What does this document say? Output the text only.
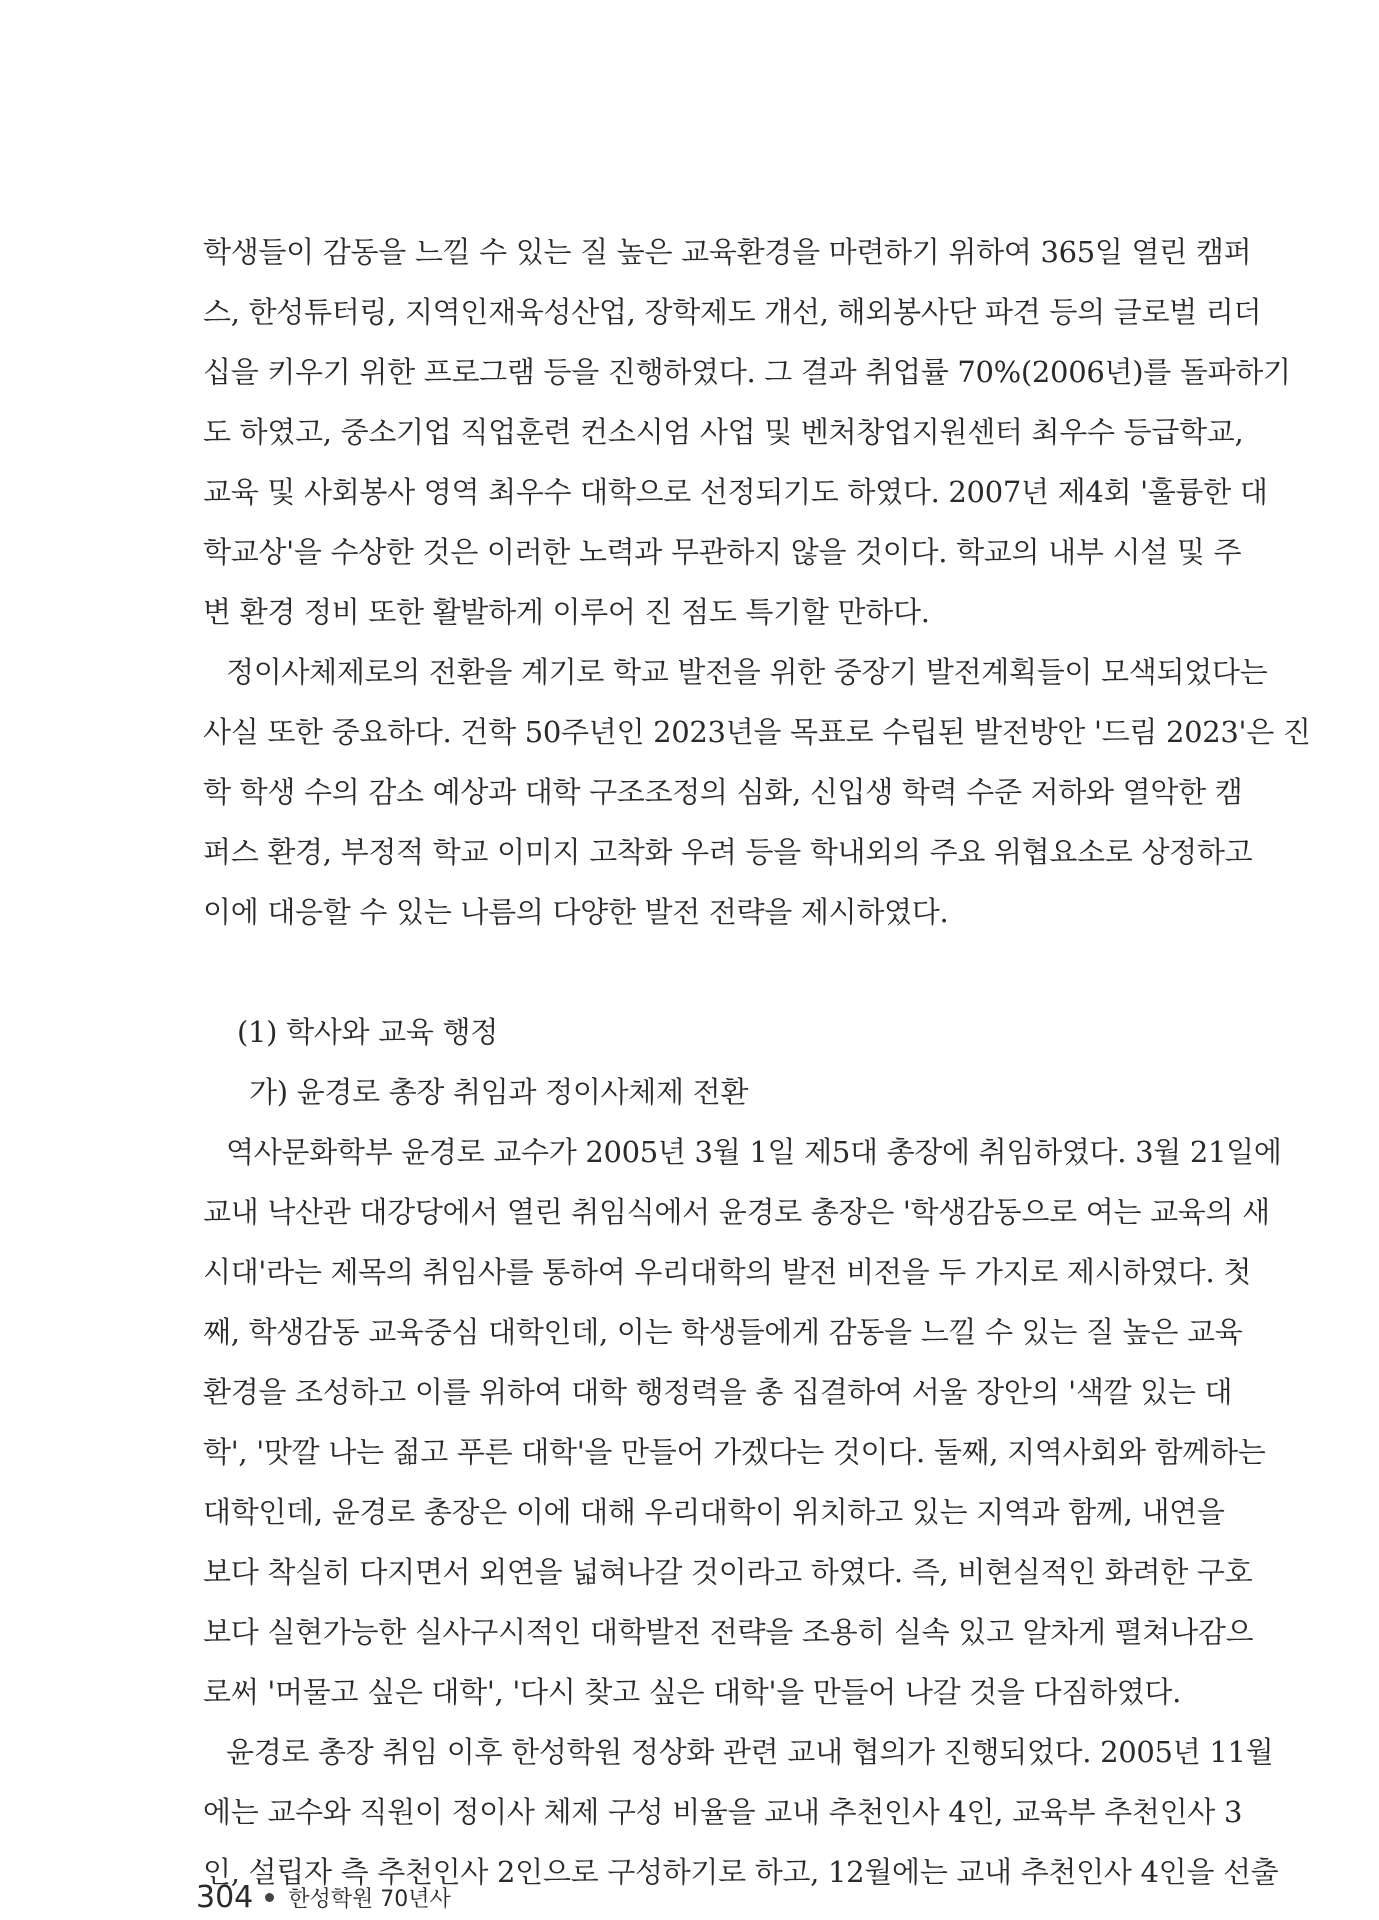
학생들이 감동을 느낄 수 있는 질 높은 교육환경을 마련하기 위하여 365일 열린 캠퍼
스, 한성튜터링, 지역인재육성산업, 장학제도 개선, 해외봉사단 파견 등의 글로벌 리더
십을 키우기 위한 프로그램 등을 진행하였다. 그 결과 취업률 70%(2006년)를 돌파하기
도 하였고, 중소기업 직업훈련 컨소시엄 사업 및 벤처창업지원센터 최우수 등급학교,
교육 및 사회봉사 영역 최우수 대학으로 선정되기도 하였다. 2007년 제4회 '훌륭한 대
학교상'을 수상한 것은 이러한 노력과 무관하지 않을 것이다. 학교의 내부 시설 및 주
변 환경 정비 또한 활발하게 이루어 진 점도 특기할 만하다.
정이사체제로의 전환을 계기로 학교 발전을 위한 중장기 발전계획들이 모색되었다는
사실 또한 중요하다. 건학 50주년인 2023년을 목표로 수립된 발전방안 '드림 2023'은 진
학 학생 수의 감소 예상과 대학 구조조정의 심화, 신입생 학력 수준 저하와 열악한 캠
퍼스 환경, 부정적 학교 이미지 고착화 우려 등을 학내외의 주요 위협요소로 상정하고
이에 대응할 수 있는 나름의 다양한 발전 전략을 제시하였다.
(1) 학사와 교육 행정
가) 윤경로 총장 취임과 정이사체제 전환
역사문화학부 윤경로 교수가 2005년 3월 1일 제5대 총장에 취임하였다. 3월 21일에
교내 낙산관 대강당에서 열린 취임식에서 윤경로 총장은 '학생감동으로 여는 교육의 새
시대'라는 제목의 취임사를 통하여 우리대학의 발전 비전을 두 가지로 제시하였다. 첫
째, 학생감동 교육중심 대학인데, 이는 학생들에게 감동을 느낄 수 있는 질 높은 교육
환경을 조성하고 이를 위하여 대학 행정력을 총 집결하여 서울 장안의 '색깔 있는 대
학', '맛깔 나는 젊고 푸른 대학'을 만들어 가겠다는 것이다. 둘째, 지역사회와 함께하는
대학인데, 윤경로 총장은 이에 대해 우리대학이 위치하고 있는 지역과 함께, 내연을
보다 착실히 다지면서 외연을 넓혀나갈 것이라고 하였다. 즉, 비현실적인 화려한 구호
보다 실현가능한 실사구시적인 대학발전 전략을 조용히 실속 있고 알차게 펼쳐나감으
로써 '머물고 싶은 대학', '다시 찾고 싶은 대학'을 만들어 나갈 것을 다짐하였다.
윤경로 총장 취임 이후 한성학원 정상화 관련 교내 협의가 진행되었다. 2005년 11월
에는 교수와 직원이 정이사 체제 구성 비율을 교내 추천인사 4인, 교육부 추천인사 3
인, 설립자 측 추천인사 2인으로 구성하기로 하고, 12월에는 교내 추천인사 4인을 선출
304 한성학원 70년사
